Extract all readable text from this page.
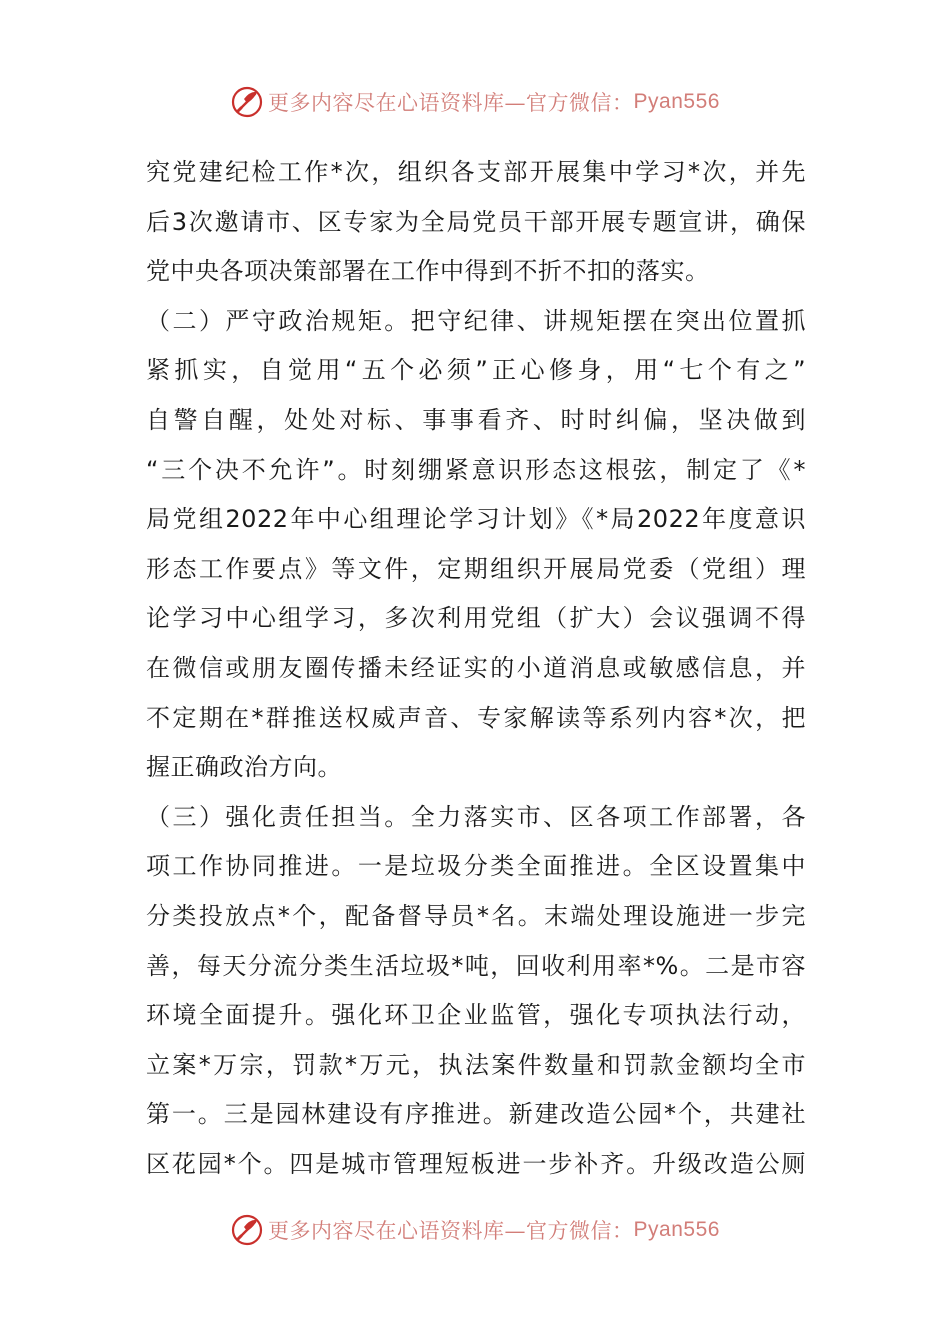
更多内容尽在心语资料库—官方微信： Pyan556
究党建纪检工作*次，组织各支部开展集中学习*次，并先
后3次邀请市、区专家为全局党员干部开展专题宣讲，确保
党中央各项决策部署在工作中得到不折不扣的落实。
（二）严守政治规矩。把守纪律、讲规矩摆在突出位置抓
紧抓实，自觉用“五个必须”正心修身，用“七个有之”
自警自醒，处处对标、事事看齐、时时纠偏，坚决做到
“三个决不允许”。时刻绷紧意识形态这根弦，制定了《*
局党组2022年中心组理论学习计划》《*局2022年度意识
形态工作要点》等文件，定期组织开展局党委（党组）理
论学习中心组学习，多次利用党组（扩大）会议强调不得
在微信或朋友圈传播未经证实的小道消息或敏感信息，并
不定期在*群推送权威声音、专家解读等系列内容*次，把
握正确政治方向。
（三）强化责任担当。全力落实市、区各项工作部署，各
项工作协同推进。一是垃圾分类全面推进。全区设置集中
分类投放点*个，配备督导员*名。末端处理设施进一步完
善，每天分流分类生活垃圾*吨，回收利用率*%。二是市容
环境全面提升。强化环卫企业监管，强化专项执法行动，
立案*万宗，罚款*万元，执法案件数量和罚款金额均全市
第一。三是园林建设有序推进。新建改造公园*个，共建社
区花园*个。四是城市管理短板进一步补齐。升级改造公厕
更多内容尽在心语资料库—官方微信： Pyan556
